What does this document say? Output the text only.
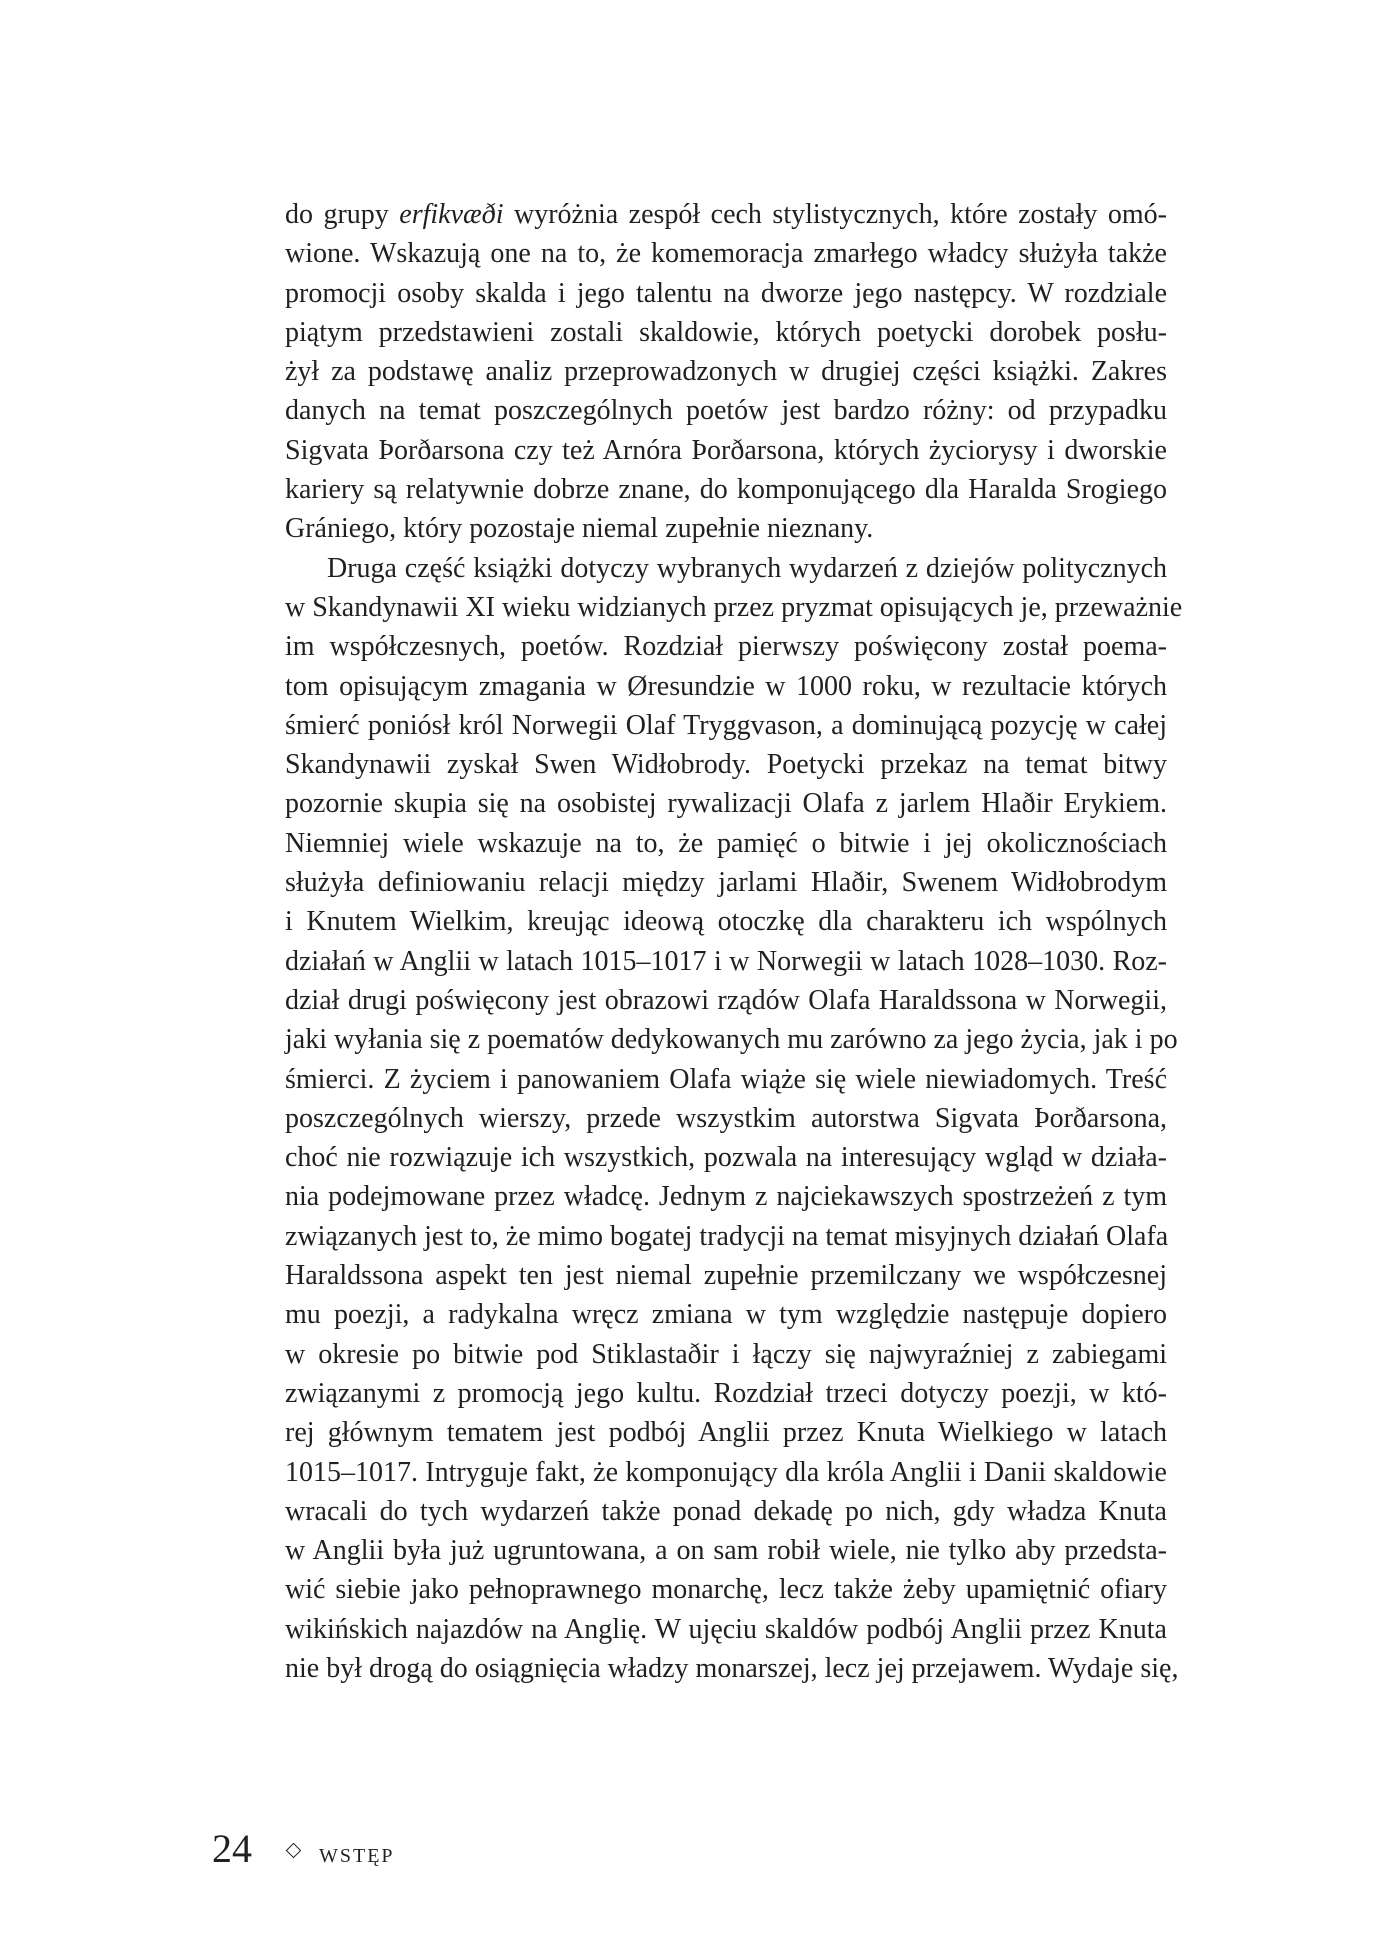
do grupy erfikvæði wyróżnia zespół cech stylistycznych, które zostały omó-
wione. Wskazują one na to, że komemoracja zmarłego władcy służyła także
promocji osoby skalda i jego talentu na dworze jego następcy. W rozdziale
piątym przedstawieni zostali skaldowie, których poetycki dorobek posłu-
żył za podstawę analiz przeprowadzonych w drugiej części książki. Zakres
danych na temat poszczególnych poetów jest bardzo różny: od przypadku
Sigvata Þorðarsona czy też Arnóra Þorðarsona, których życiorysy i dworskie
kariery są relatywnie dobrze znane, do komponującego dla Haralda Srogiego
Grániego, który pozostaje niemal zupełnie nieznany.
Druga część książki dotyczy wybranych wydarzeń z dziejów politycznych
w Skandynawii XI wieku widzianych przez pryzmat opisujących je, przeważnie
im współczesnych, poetów. Rozdział pierwszy poświęcony został poema-
tom opisującym zmagania w Øresundzie w 1000 roku, w rezultacie których
śmierć poniósł król Norwegii Olaf Tryggvason, a dominującą pozycję w całej
Skandynawii zyskał Swen Widłobrody. Poetycki przekaz na temat bitwy
pozornie skupia się na osobistej rywalizacji Olafa z jarlem Hlaðir Erykiem.
Niemniej wiele wskazuje na to, że pamięć o bitwie i jej okolicznościach
służyła definiowaniu relacji między jarlami Hlaðir, Swenem Widłobrodym
i Knutem Wielkim, kreując ideową otoczkę dla charakteru ich wspólnych
działań w Anglii w latach 1015–1017 i w Norwegii w latach 1028–1030. Roz-
dział drugi poświęcony jest obrazowi rządów Olafa Haraldssona w Norwegii,
jaki wyłania się z poematów dedykowanych mu zarówno za jego życia, jak i po
śmierci. Z życiem i panowaniem Olafa wiąże się wiele niewiadomych. Treść
poszczególnych wierszy, przede wszystkim autorstwa Sigvata Þorðarsona,
choć nie rozwiązuje ich wszystkich, pozwala na interesujący wgląd w działa-
nia podejmowane przez władcę. Jednym z najciekawszych spostrzeżeń z tym
związanych jest to, że mimo bogatej tradycji na temat misyjnych działań Olafa
Haraldssona aspekt ten jest niemal zupełnie przemilczany we współczesnej
mu poezji, a radykalna wręcz zmiana w tym względzie następuje dopiero
w okresie po bitwie pod Stiklastaðir i łączy się najwyraźniej z zabiegami
związanymi z promocją jego kultu. Rozdział trzeci dotyczy poezji, w któ-
rej głównym tematem jest podbój Anglii przez Knuta Wielkiego w latach
1015–1017. Intryguje fakt, że komponujący dla króla Anglii i Danii skaldowie
wracali do tych wydarzeń także ponad dekadę po nich, gdy władza Knuta
w Anglii była już ugruntowana, a on sam robił wiele, nie tylko aby przedsta-
wić siebie jako pełnoprawnego monarchę, lecz także żeby upamiętnić ofiary
wikińskich najazdów na Anglię. W ujęciu skaldów podbój Anglii przez Knuta
nie był drogą do osiągnięcia władzy monarszej, lecz jej przejawem. Wydaje się,
24	WSTĘP
